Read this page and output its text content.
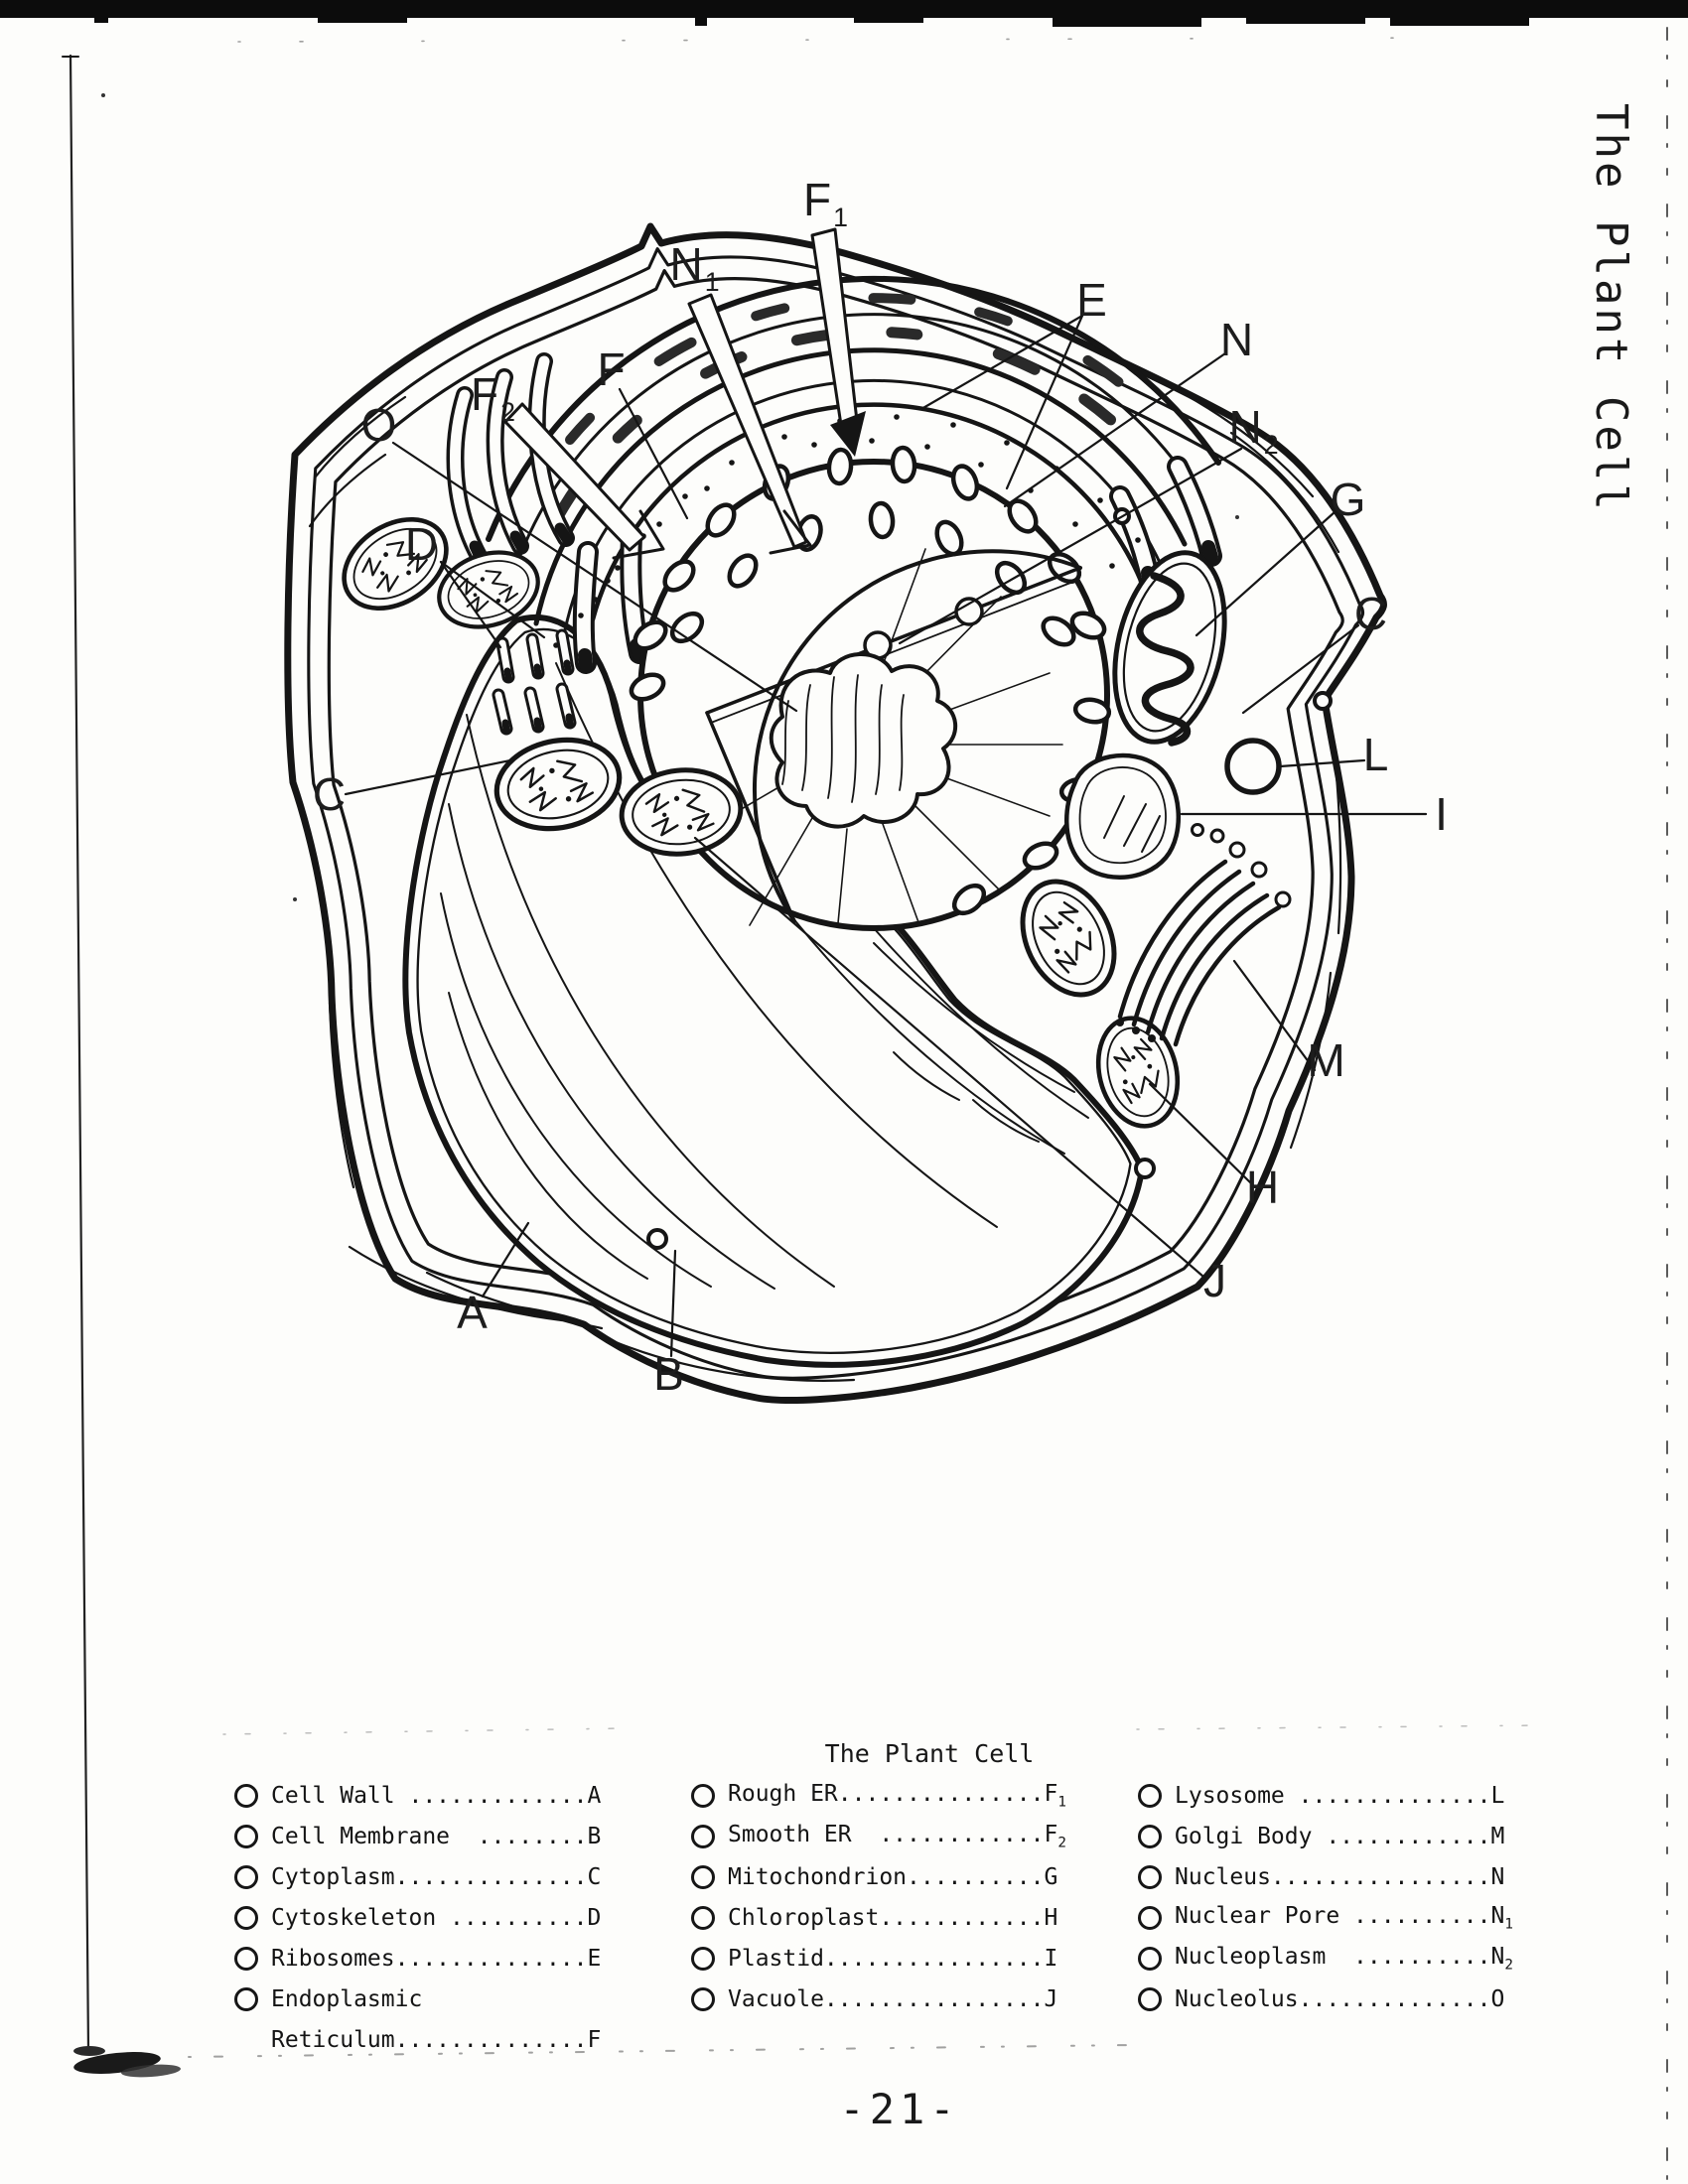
$F_1$
$N_1$	E
N
F
$F_2$
O	$N_2$
D
G
C
C
L
I
M
H
J
A
B
The Plant Cell
The Plant Cell
Cell Wall .............A
Cell Membrane  ........B
Cytoplasm..............C
Cytoskeleton ..........D
Ribosomes..............E
Endoplasmic
Reticulum..............F
Rough $ER...............F_1$
Smooth ER  $............F_2$
Mitochondrion..........G
Chloroplast............H
Plastid................I
Vacuole................J
Lysosome ..............L
Golgi Body ............M
Nucleus................N
Nuclear Pore $..........N_1$
Nucleoplasm  $..........N_2$
Nucleolus..............O
-21-
